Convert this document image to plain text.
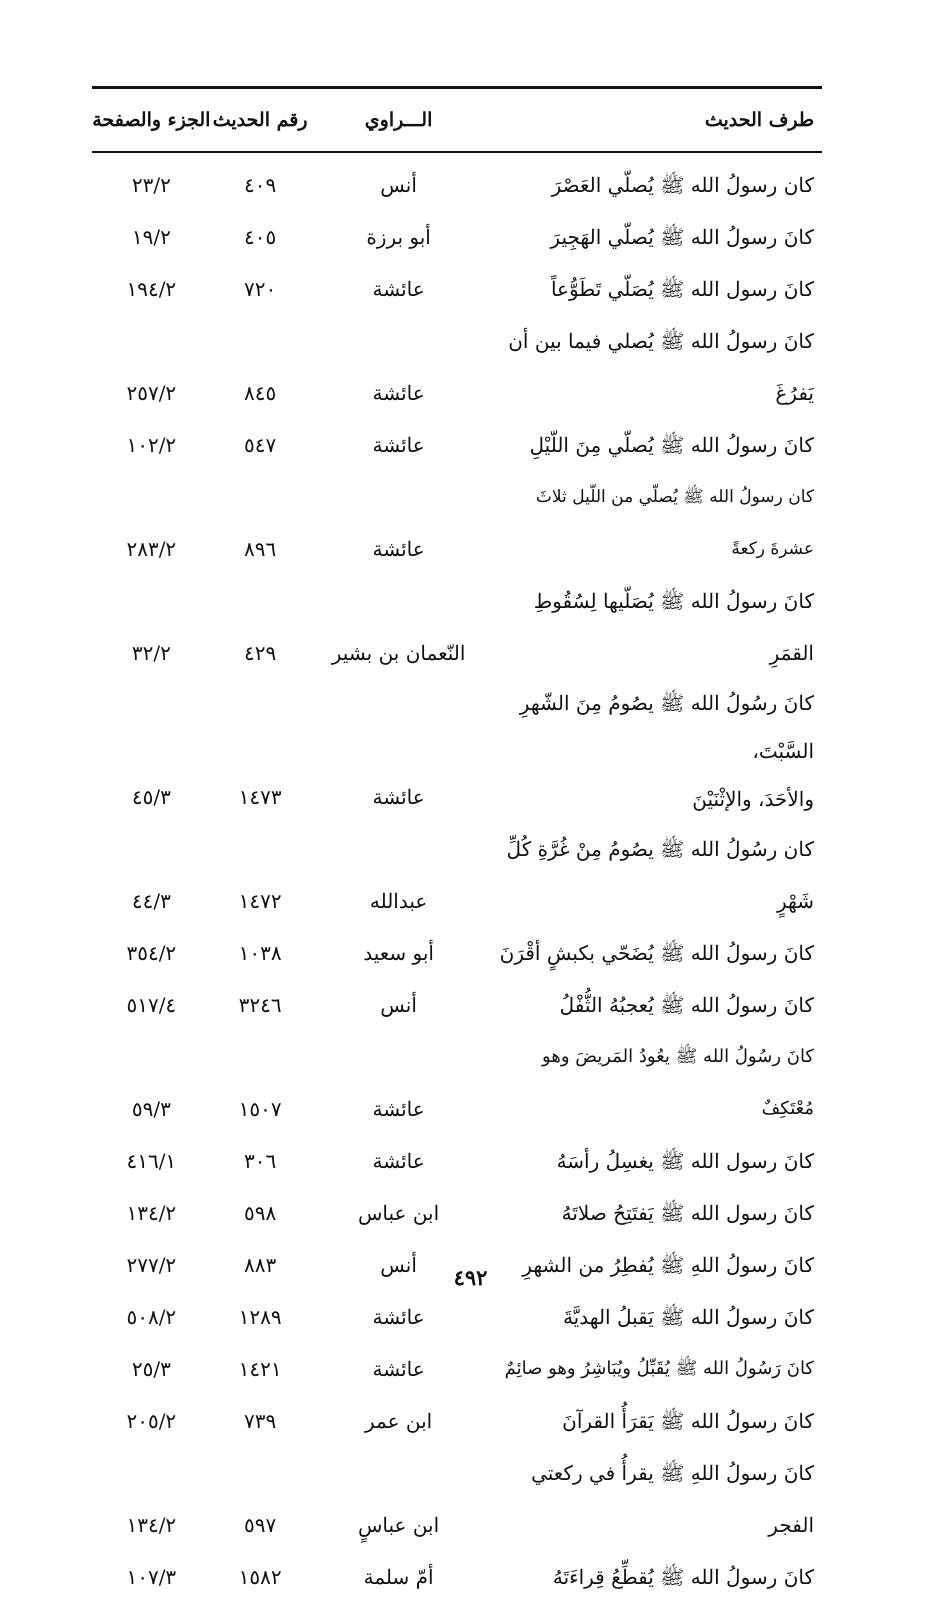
طرف الحديث
الـــراوي
رقم الحديث
الجزء والصفحة
كان رسولُ الله ﷺ يُصلّي العَصْرَ
أنس
٤٠٩
٢٣/٢
كانَ رسولُ الله ﷺ يُصلّي الهَجِيرَ
أبو برزة
٤٠٥
١٩/٢
كانَ رسول الله ﷺ يُصَلّي تَطَوُّعاً
عائشة
٧٢٠
١٩٤/٢
كانَ رسولُ الله ﷺ يُصلي فيما بين أن يَفرُغَ
عائشة
٨٤٥
٢٥٧/٢
كانَ رسولُ الله ﷺ يُصلّي مِنَ اللّيْلِ
عائشة
٥٤٧
١٠٢/٢
كان رسولُ الله ﷺ يُصلّي من اللّيل ثلاثَ عشرةَ ركعةً
عائشة
٨٩٦
٢٨٣/٢
كانَ رسولُ الله ﷺ يُصَلّيها لِسُقُوطِ القمَرِ
النّعمان بن بشير
٤٢٩
٣٢/٢
كانَ رسُولُ الله ﷺ يصُومُ مِنَ الشّهرِ السَّبْتَ،
والأحَدَ، والإثْنَيْنَ
عائشة
١٤٧٣
٤٥/٣
كان رسُولُ الله ﷺ يصُومُ مِنْ غُرَّةِ كُلِّ شَهْرٍ
عبدالله
١٤٧٢
٤٤/٣
كانَ رسولُ الله ﷺ يُضَحّي بكبشٍ أقْرَنَ
أبو سعيد
١٠٣٨
٣٥٤/٢
كانَ رسولُ الله ﷺ يُعجبُهُ الثُّفْلُ
أنس
٣٢٤٦
٥١٧/٤
كانَ رسُولُ الله ﷺ يعُودُ المَريضَ وهو مُعْتَكِفٌ
عائشة
١٥٠٧
٥٩/٣
كانَ رسول الله ﷺ يغسِلُ رأسَهُ
عائشة
٣٠٦
٤١٦/١
كانَ رسول الله ﷺ يَفتَتِحُ صلاتَهُ
ابن عباس
٥٩٨
١٣٤/٢
كانَ رسولُ اللهِ ﷺ يُفطِرُ من الشهرِ
أنس
٨٨٣
٢٧٧/٢
كانَ رسولُ الله ﷺ يَقبلُ الهديَّةَ
عائشة
١٢٨٩
٥٠٨/٢
كانَ رَسُولُ الله ﷺ يُقَبِّلُ ويُبَاشِرُ وهو صائِمٌ
عائشة
١٤٢١
٢٥/٣
كانَ رسولُ الله ﷺ يَقرَأُ القرآنَ
ابن عمر
٧٣٩
٢٠٥/٢
كانَ رسولُ اللهِ ﷺ يقرأُ في ركعتي الفجر
ابن عباسٍ
٥٩٧
١٣٤/٢
كانَ رسولُ الله ﷺ يُقطِّعُ قِراءَتَهُ
أمّ سلمة
١٥٨٢
١٠٧/٣
٤٩٢
